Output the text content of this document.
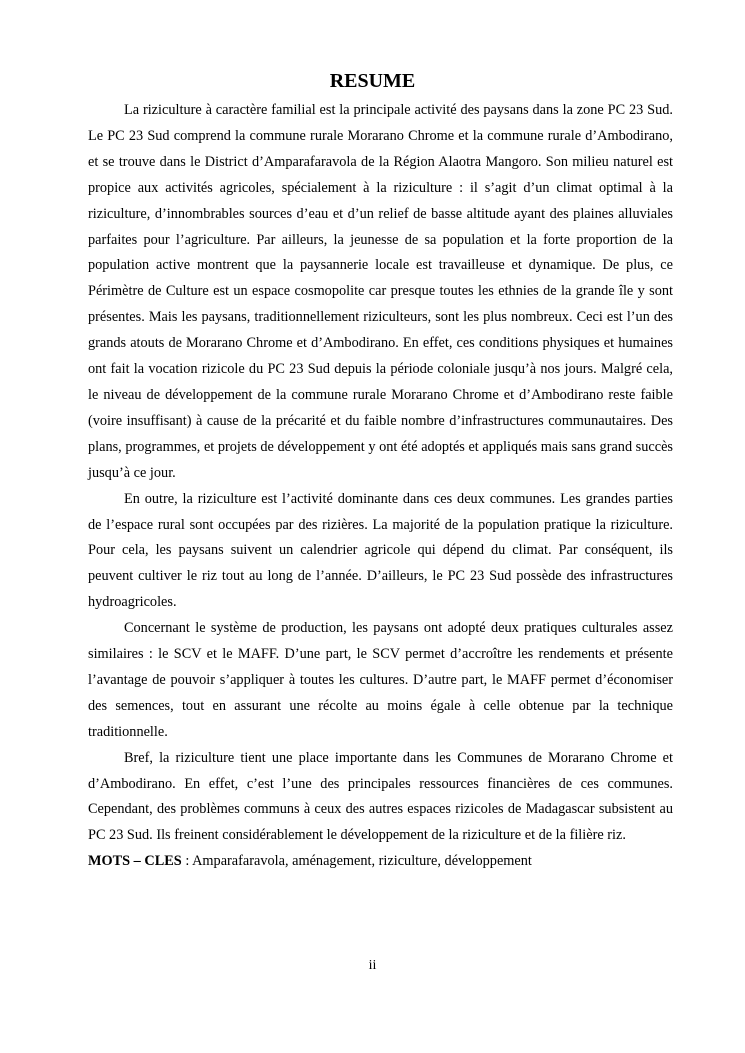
RESUME

La riziculture à caractère familial est la principale activité des paysans dans la zone PC 23 Sud. Le PC 23 Sud comprend la commune rurale Morarano Chrome et la commune rurale d’Ambodirano, et se trouve dans le District d’Amparafaravola de la Région Alaotra Mangoro. Son milieu naturel est propice aux activités agricoles, spécialement à la riziculture : il s’agit d’un climat optimal à la riziculture, d’innombrables sources d’eau et d’un relief de basse altitude ayant des plaines alluviales parfaites pour l’agriculture. Par ailleurs, la jeunesse de sa population et la forte proportion de la population active montrent que la paysannerie locale est travailleuse et dynamique. De plus, ce Périmètre de Culture est un espace cosmopolite car presque toutes les ethnies de la grande île y sont présentes. Mais les paysans, traditionnellement riziculteurs, sont les plus nombreux. Ceci est l’un des grands atouts de Morarano Chrome et d’Ambodirano. En effet, ces conditions physiques et humaines ont fait la vocation rizicole du PC 23 Sud depuis la période coloniale jusqu’à nos jours. Malgré cela, le niveau de développement de la commune rurale Morarano Chrome et d’Ambodirano reste faible (voire insuffisant) à cause de la précarité et du faible nombre d’infrastructures communautaires. Des plans, programmes, et projets de développement y ont été adoptés et appliqués mais sans grand succès jusqu’à ce jour.

En outre, la riziculture est l’activité dominante dans ces deux communes. Les grandes parties de l’espace rural sont occupées par des rizières. La majorité de la population pratique la riziculture. Pour cela, les paysans suivent un calendrier agricole qui dépend du climat. Par conséquent, ils peuvent cultiver le riz tout au long de l’année. D’ailleurs, le PC 23 Sud possède des infrastructures hydroagricoles.

Concernant le système de production, les paysans ont adopté deux pratiques culturales assez similaires : le SCV et le MAFF. D’une part, le SCV permet d’accroître les rendements et présente l’avantage de pouvoir s’appliquer à toutes les cultures. D’autre part, le MAFF permet d’économiser des semences, tout en assurant une récolte au moins égale à celle obtenue par la technique traditionnelle.

Bref, la riziculture tient une place importante dans les Communes de Morarano Chrome et d’Ambodirano. En effet, c’est l’une des principales ressources financières de ces communes. Cependant, des problèmes communs à ceux des autres espaces rizicoles de Madagascar subsistent au PC 23 Sud. Ils freinent considérablement le développement de la riziculture et de la filière riz.

MOTS – CLES : Amparafaravola, aménagement, riziculture, développement
ii
